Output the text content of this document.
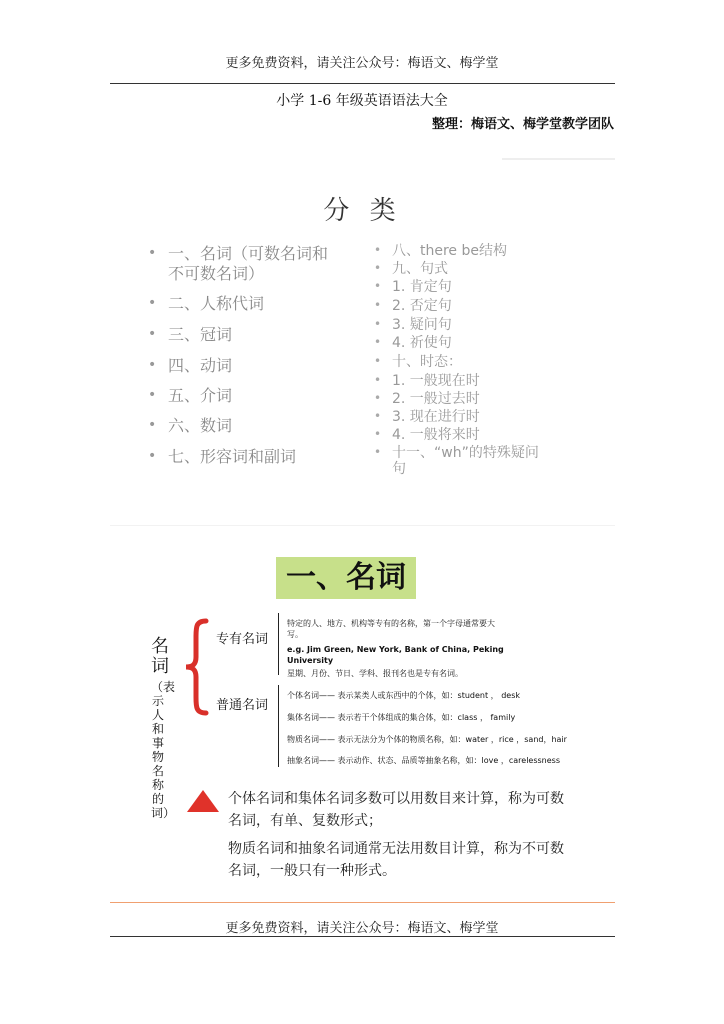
更多免费资料，请关注公众号：梅语文、梅学堂
小学 1-6 年级英语语法大全
整理：梅语文、梅学堂教学团队
分 类
• 一、名词（可数名词和
不可数名词）
• 二、人称代词
• 三、冠词
• 四、动词
• 五、介词
• 六、数词
• 七、形容词和副词
• 八、there be结构
• 九、句式
• 1. 肯定句
• 2. 否定句
• 3. 疑问句
• 4. 祈使句
• 十、时态：
• 1. 一般现在时
• 2. 一般过去时
• 3. 现在进行时
• 4. 一般将来时
• 十一、“wh”的特殊疑问
句
一、名词
名词
（表示人和事物名称的词）
专有名词
特定的人、地方、机构等专有的名称，第一个字母通常要大
写。
e.g. Jim Green, New York, Bank of China, Peking
University
星期、月份、节日、学科、报刊名也是专有名词。
普通名词
个体名词—— 表示某类人或东西中的个体，如：student ， desk
集体名词—— 表示若干个体组成的集合体，如：class ， family
物质名词—— 表示无法分为个体的物质名称，如：water ，rice ，sand，hair
抽象名词—— 表示动作、状态、品质等抽象名称，如：love ，carelessness
个体名词和集体名词多数可以用数目来计算，称为可数
名词，有单、复数形式；
物质名词和抽象名词通常无法用数目计算，称为不可数
名词，一般只有一种形式。
更多免费资料，请关注公众号：梅语文、梅学堂
